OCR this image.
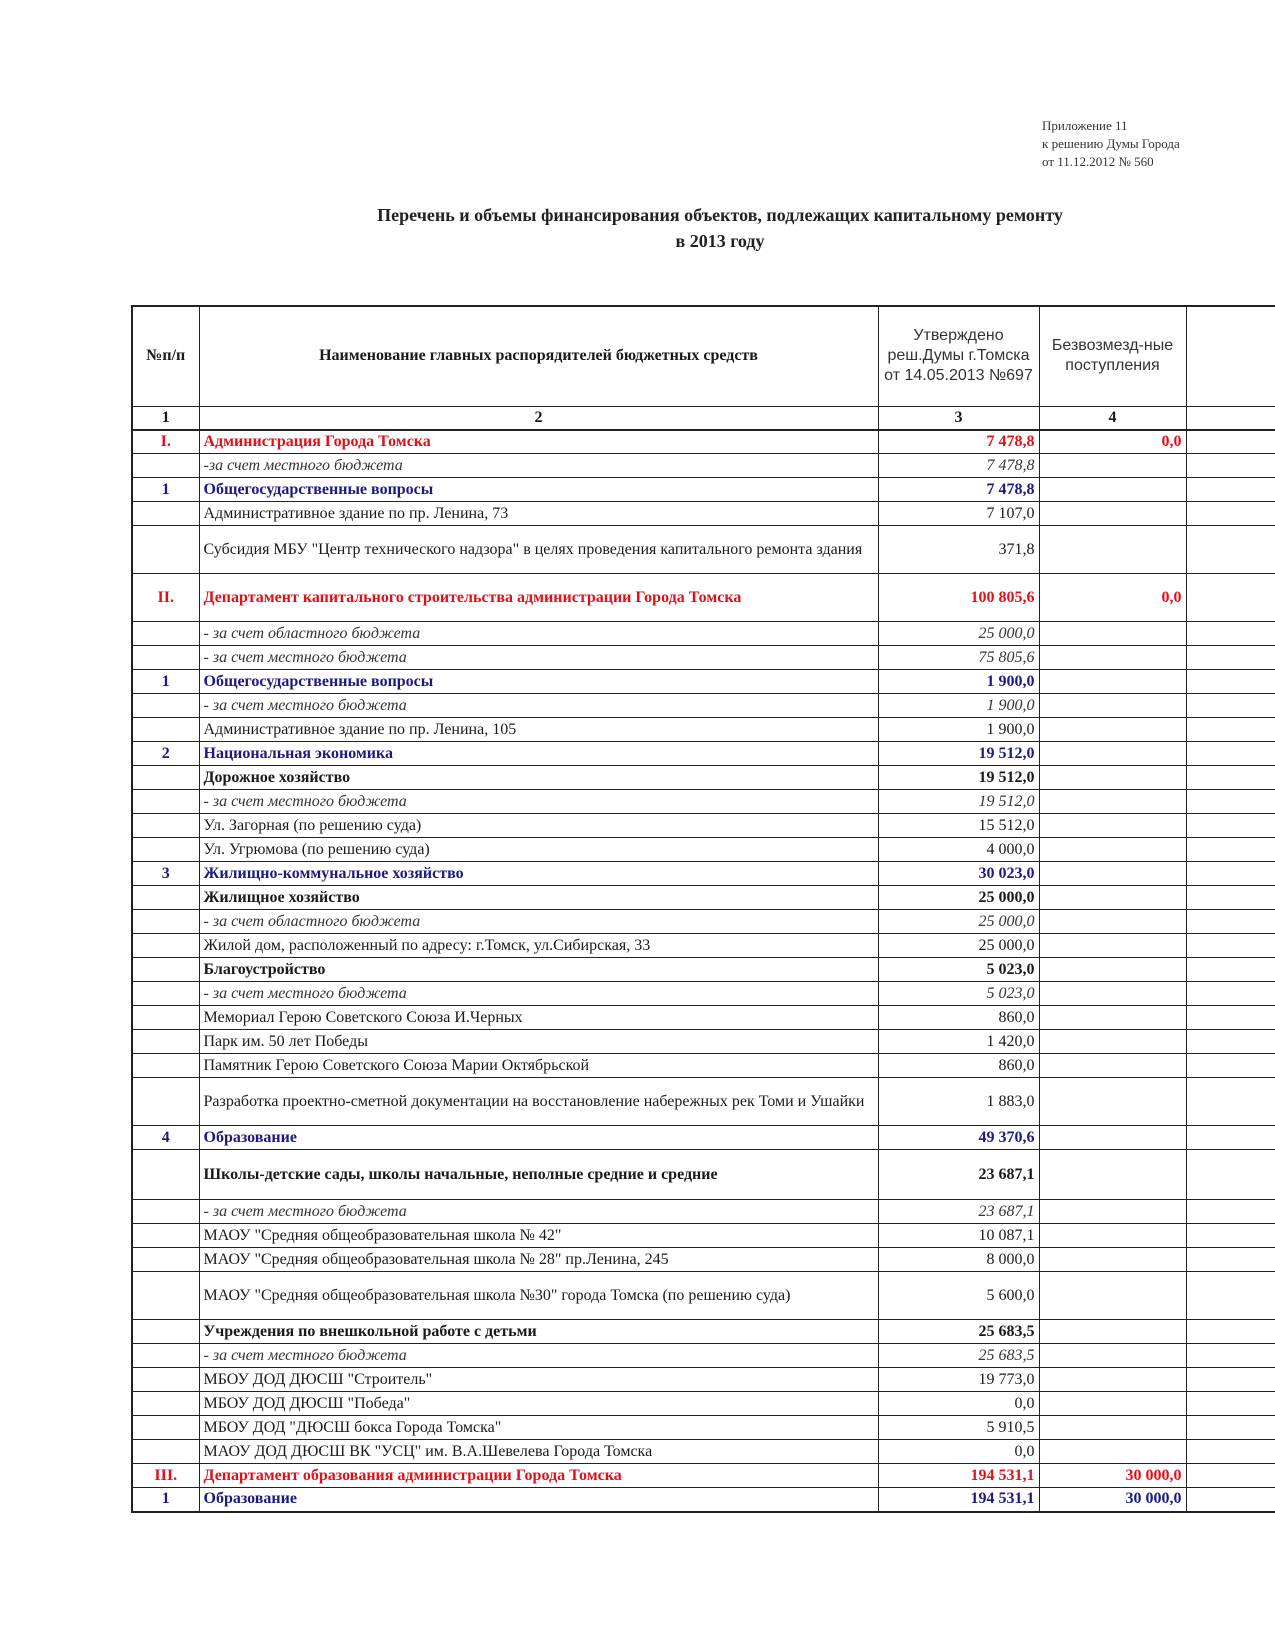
Приложение 11
к решению Думы Города
от 11.12.2012 № 560
Перечень и объемы финансирования объектов, подлежащих капитальному ремонту
в 2013 году
№п/п	Наименование главных распорядителей бюджетных средств	Утверждено реш.Думы г.Томска от 14.05.2013 №697	Безвозмезд-ные поступления	
1	2	3	4	
I.	Администрация Города Томска	7 478,8	0,0	
	-за счет местного бюджета	7 478,8		
1	Общегосударственные вопросы	7 478,8		
	Административное здание по пр. Ленина, 73	7 107,0		
	Субсидия МБУ "Центр технического надзора" в целях проведения капитального ремонта здания	371,8		
II.	Департамент капитального строительства администрации Города Томска	100 805,6	0,0	
	- за счет областного бюджета	25 000,0		
	- за счет местного бюджета	75 805,6		
1	Общегосударственные вопросы	1 900,0		
	- за счет местного бюджета	1 900,0		
	Административное здание по пр. Ленина, 105	1 900,0		
2	Национальная экономика	19 512,0		
	Дорожное хозяйство	19 512,0		
	- за счет местного бюджета	19 512,0		
	Ул. Загорная (по решению суда)	15 512,0		
	Ул. Угрюмова (по решению суда)	4 000,0		
3	Жилищно-коммунальное хозяйство	30 023,0		
	Жилищное хозяйство	25 000,0		
	- за счет областного бюджета	25 000,0		
	Жилой дом, расположенный по адресу: г.Томск, ул.Сибирская, 33	25 000,0		
	Благоустройство	5 023,0		
	- за счет местного бюджета	5 023,0		
	Мемориал Герою Советского Союза И.Черных	860,0		
	Парк им. 50 лет Победы	1 420,0		
	Памятник Герою Советского Союза Марии Октябрьской	860,0		
	Разработка проектно-сметной документации на восстановление набережных рек Томи и Ушайки	1 883,0		
4	Образование	49 370,6		
	Школы-детские сады, школы начальные, неполные средние и средние	23 687,1		
	- за счет местного бюджета	23 687,1		
	МАОУ "Средняя общеобразовательная школа № 42"	10 087,1		
	МАОУ "Средняя общеобразовательная школа № 28" пр.Ленина, 245	8 000,0		
	МАОУ "Средняя общеобразовательная школа №30" города Томска (по решению суда)	5 600,0		
	Учреждения по внешкольной работе с детьми	25 683,5		
	- за счет местного бюджета	25 683,5		
	МБОУ ДОД ДЮСШ "Строитель"	19 773,0		
	МБОУ ДОД ДЮСШ "Победа"	0,0		
	МБОУ ДОД "ДЮСШ бокса Города Томска"	5 910,5		
	МАОУ ДОД ДЮСШ ВК "УСЦ" им. В.А.Шевелева Города Томска	0,0		
III.	Департамент образования администрации Города Томска	194 531,1	30 000,0	
1	Образование	194 531,1	30 000,0	
